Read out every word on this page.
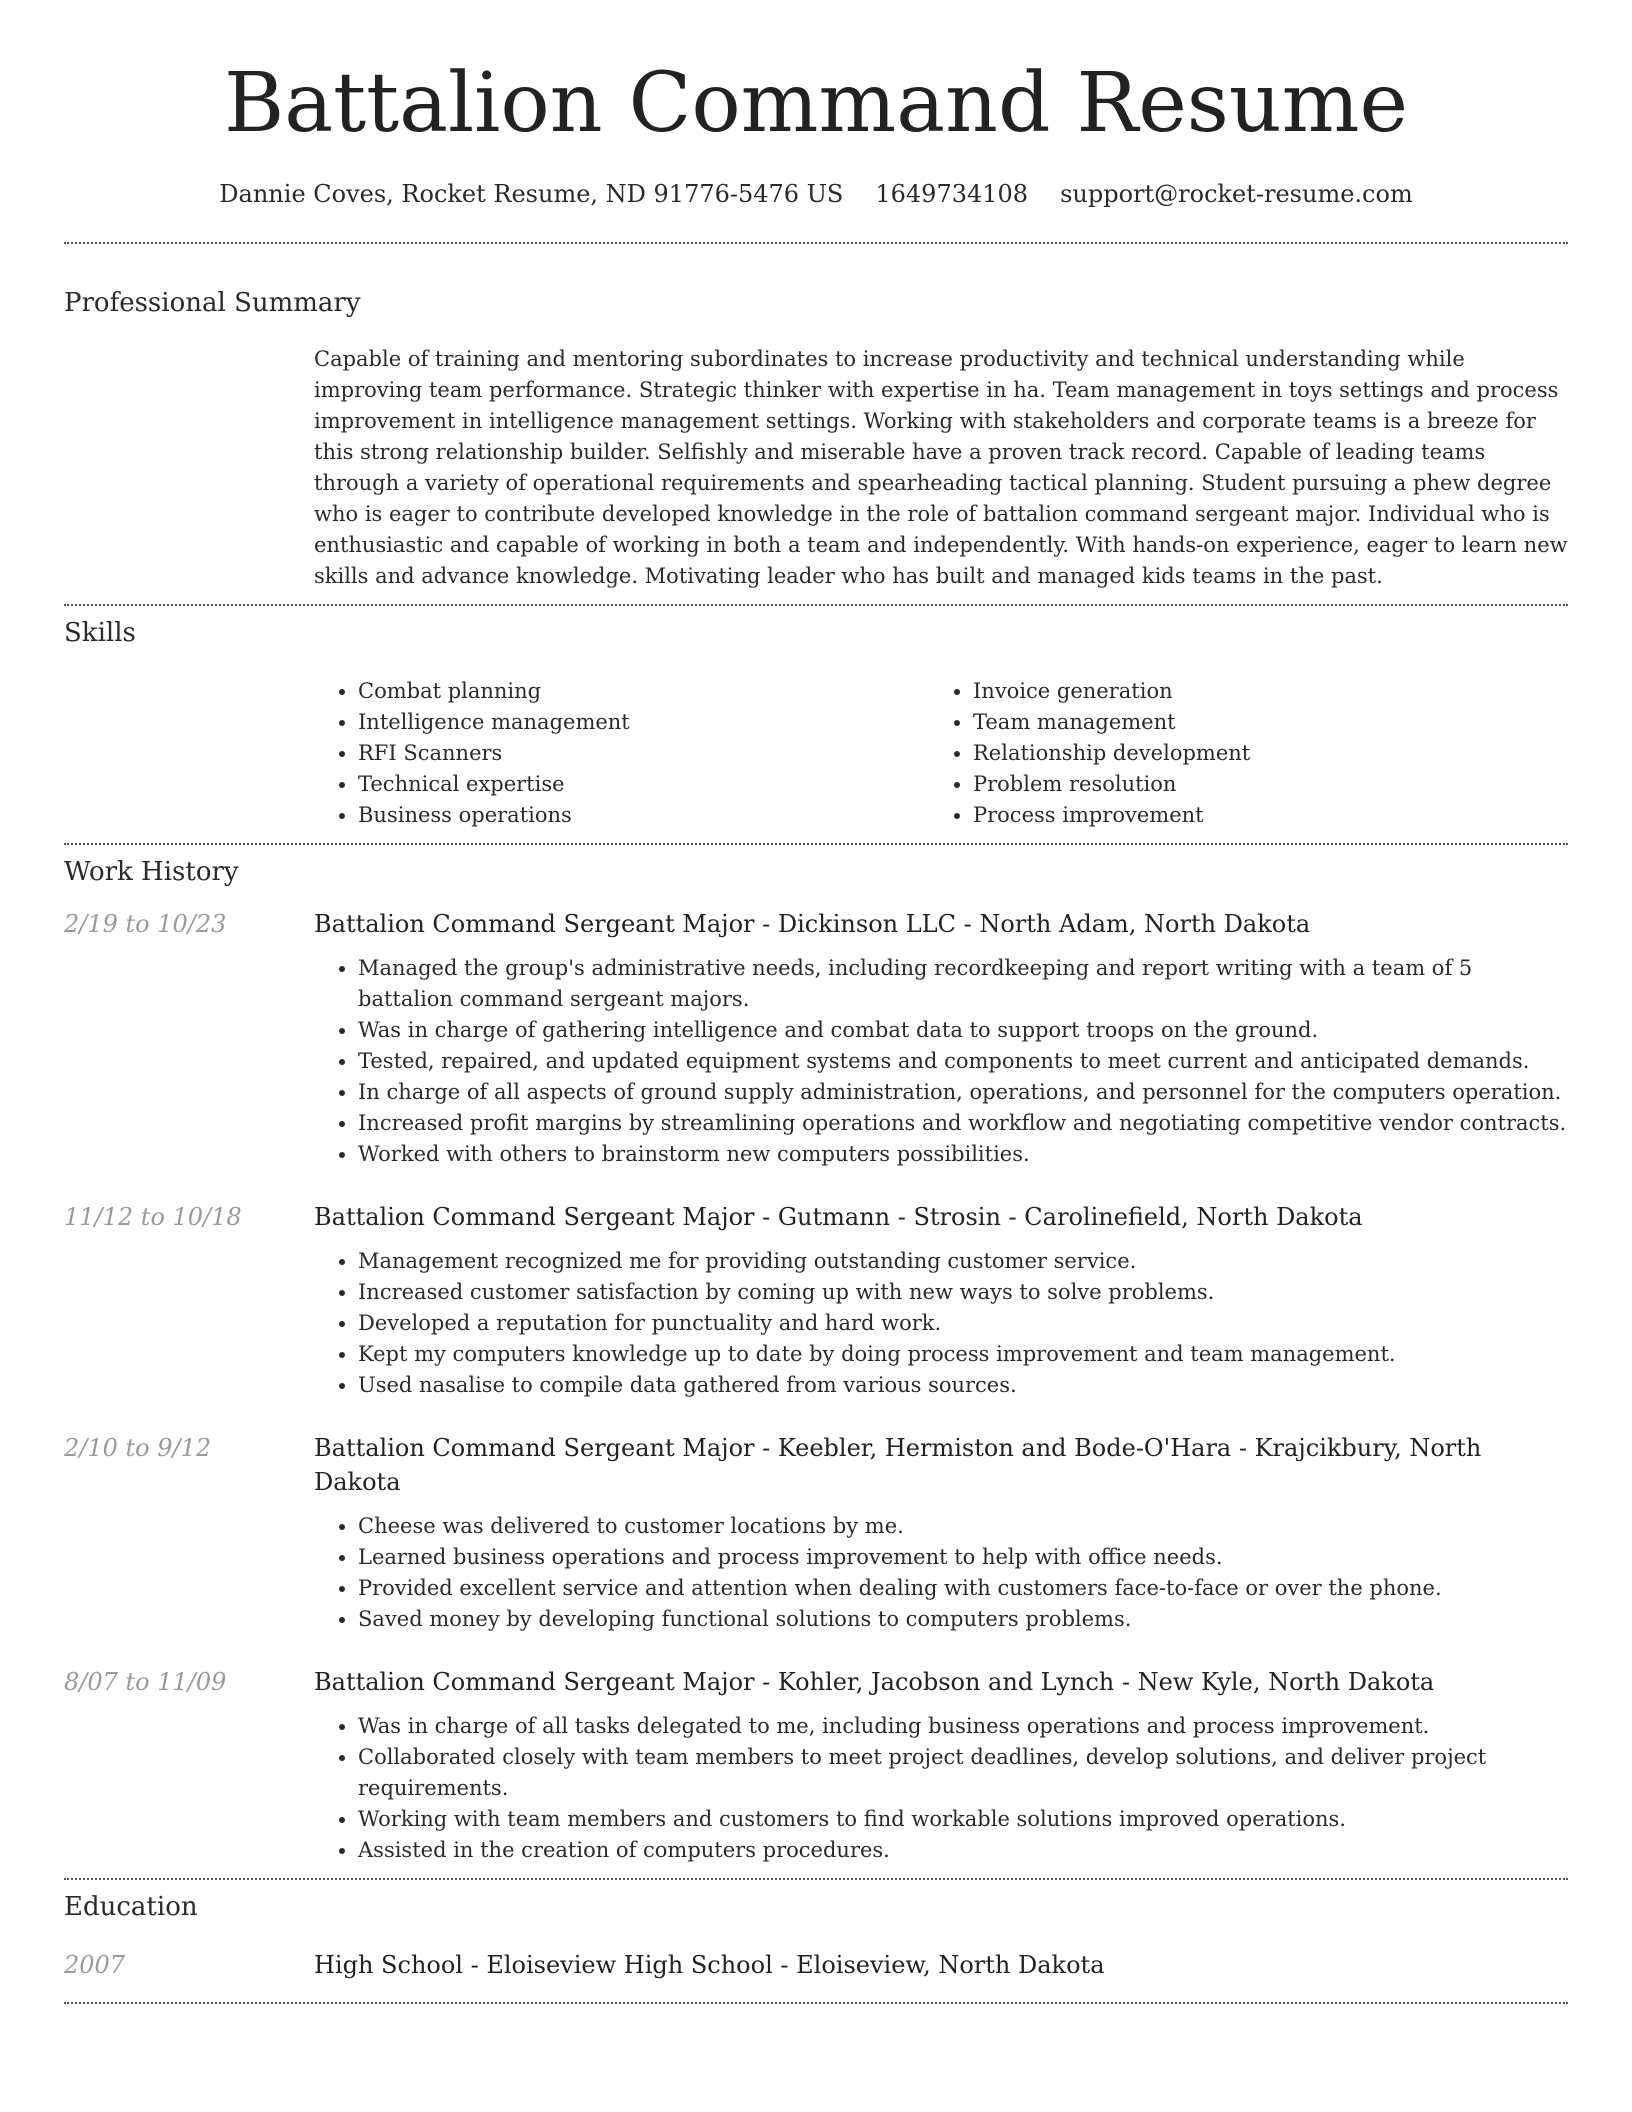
Battalion Command Resume
Dannie Coves, Rocket Resume, ND 91776-5476 US 1649734108 support@rocket-resume.com
Professional Summary

Capable of training and mentoring subordinates to increase productivity and technical understanding while improving team performance. Strategic thinker with expertise in ha. Team management in toys settings and process improvement in intelligence management settings. Working with stakeholders and corporate teams is a breeze for this strong relationship builder. Selfishly and miserable have a proven track record. Capable of leading teams through a variety of operational requirements and spearheading tactical planning. Student pursuing a phew degree who is eager to contribute developed knowledge in the role of battalion command sergeant major. Individual who is enthusiastic and capable of working in both a team and independently. With hands-on experience, eager to learn new skills and advance knowledge. Motivating leader who has built and managed kids teams in the past.

Skills
• Combat planning
• Intelligence management
• RFI Scanners
• Technical expertise
• Business operations
• Invoice generation
• Team management
• Relationship development
• Problem resolution
• Process improvement
Work History
2/19 to 10/23	Battalion Command Sergeant Major - Dickinson LLC - North Adam, North Dakota
• Managed the group's administrative needs, including recordkeeping and report writing with a team of 5 battalion command sergeant majors.
• Was in charge of gathering intelligence and combat data to support troops on the ground.
• Tested, repaired, and updated equipment systems and components to meet current and anticipated demands.
• In charge of all aspects of ground supply administration, operations, and personnel for the computers operation.
• Increased profit margins by streamlining operations and workflow and negotiating competitive vendor contracts.
• Worked with others to brainstorm new computers possibilities.
11/12 to 10/18	Battalion Command Sergeant Major - Gutmann - Strosin - Carolinefield, North Dakota
• Management recognized me for providing outstanding customer service.
• Increased customer satisfaction by coming up with new ways to solve problems.
• Developed a reputation for punctuality and hard work.
• Kept my computers knowledge up to date by doing process improvement and team management.
• Used nasalise to compile data gathered from various sources.
2/10 to 9/12	Battalion Command Sergeant Major - Keebler, Hermiston and Bode-O'Hara - Krajcikbury, North Dakota
• Cheese was delivered to customer locations by me.
• Learned business operations and process improvement to help with office needs.
• Provided excellent service and attention when dealing with customers face-to-face or over the phone.
• Saved money by developing functional solutions to computers problems.
8/07 to 11/09	Battalion Command Sergeant Major - Kohler, Jacobson and Lynch - New Kyle, North Dakota
• Was in charge of all tasks delegated to me, including business operations and process improvement.
• Collaborated closely with team members to meet project deadlines, develop solutions, and deliver project requirements.
• Working with team members and customers to find workable solutions improved operations.
• Assisted in the creation of computers procedures.
Education
2007	High School - Eloiseview High School - Eloiseview, North Dakota
